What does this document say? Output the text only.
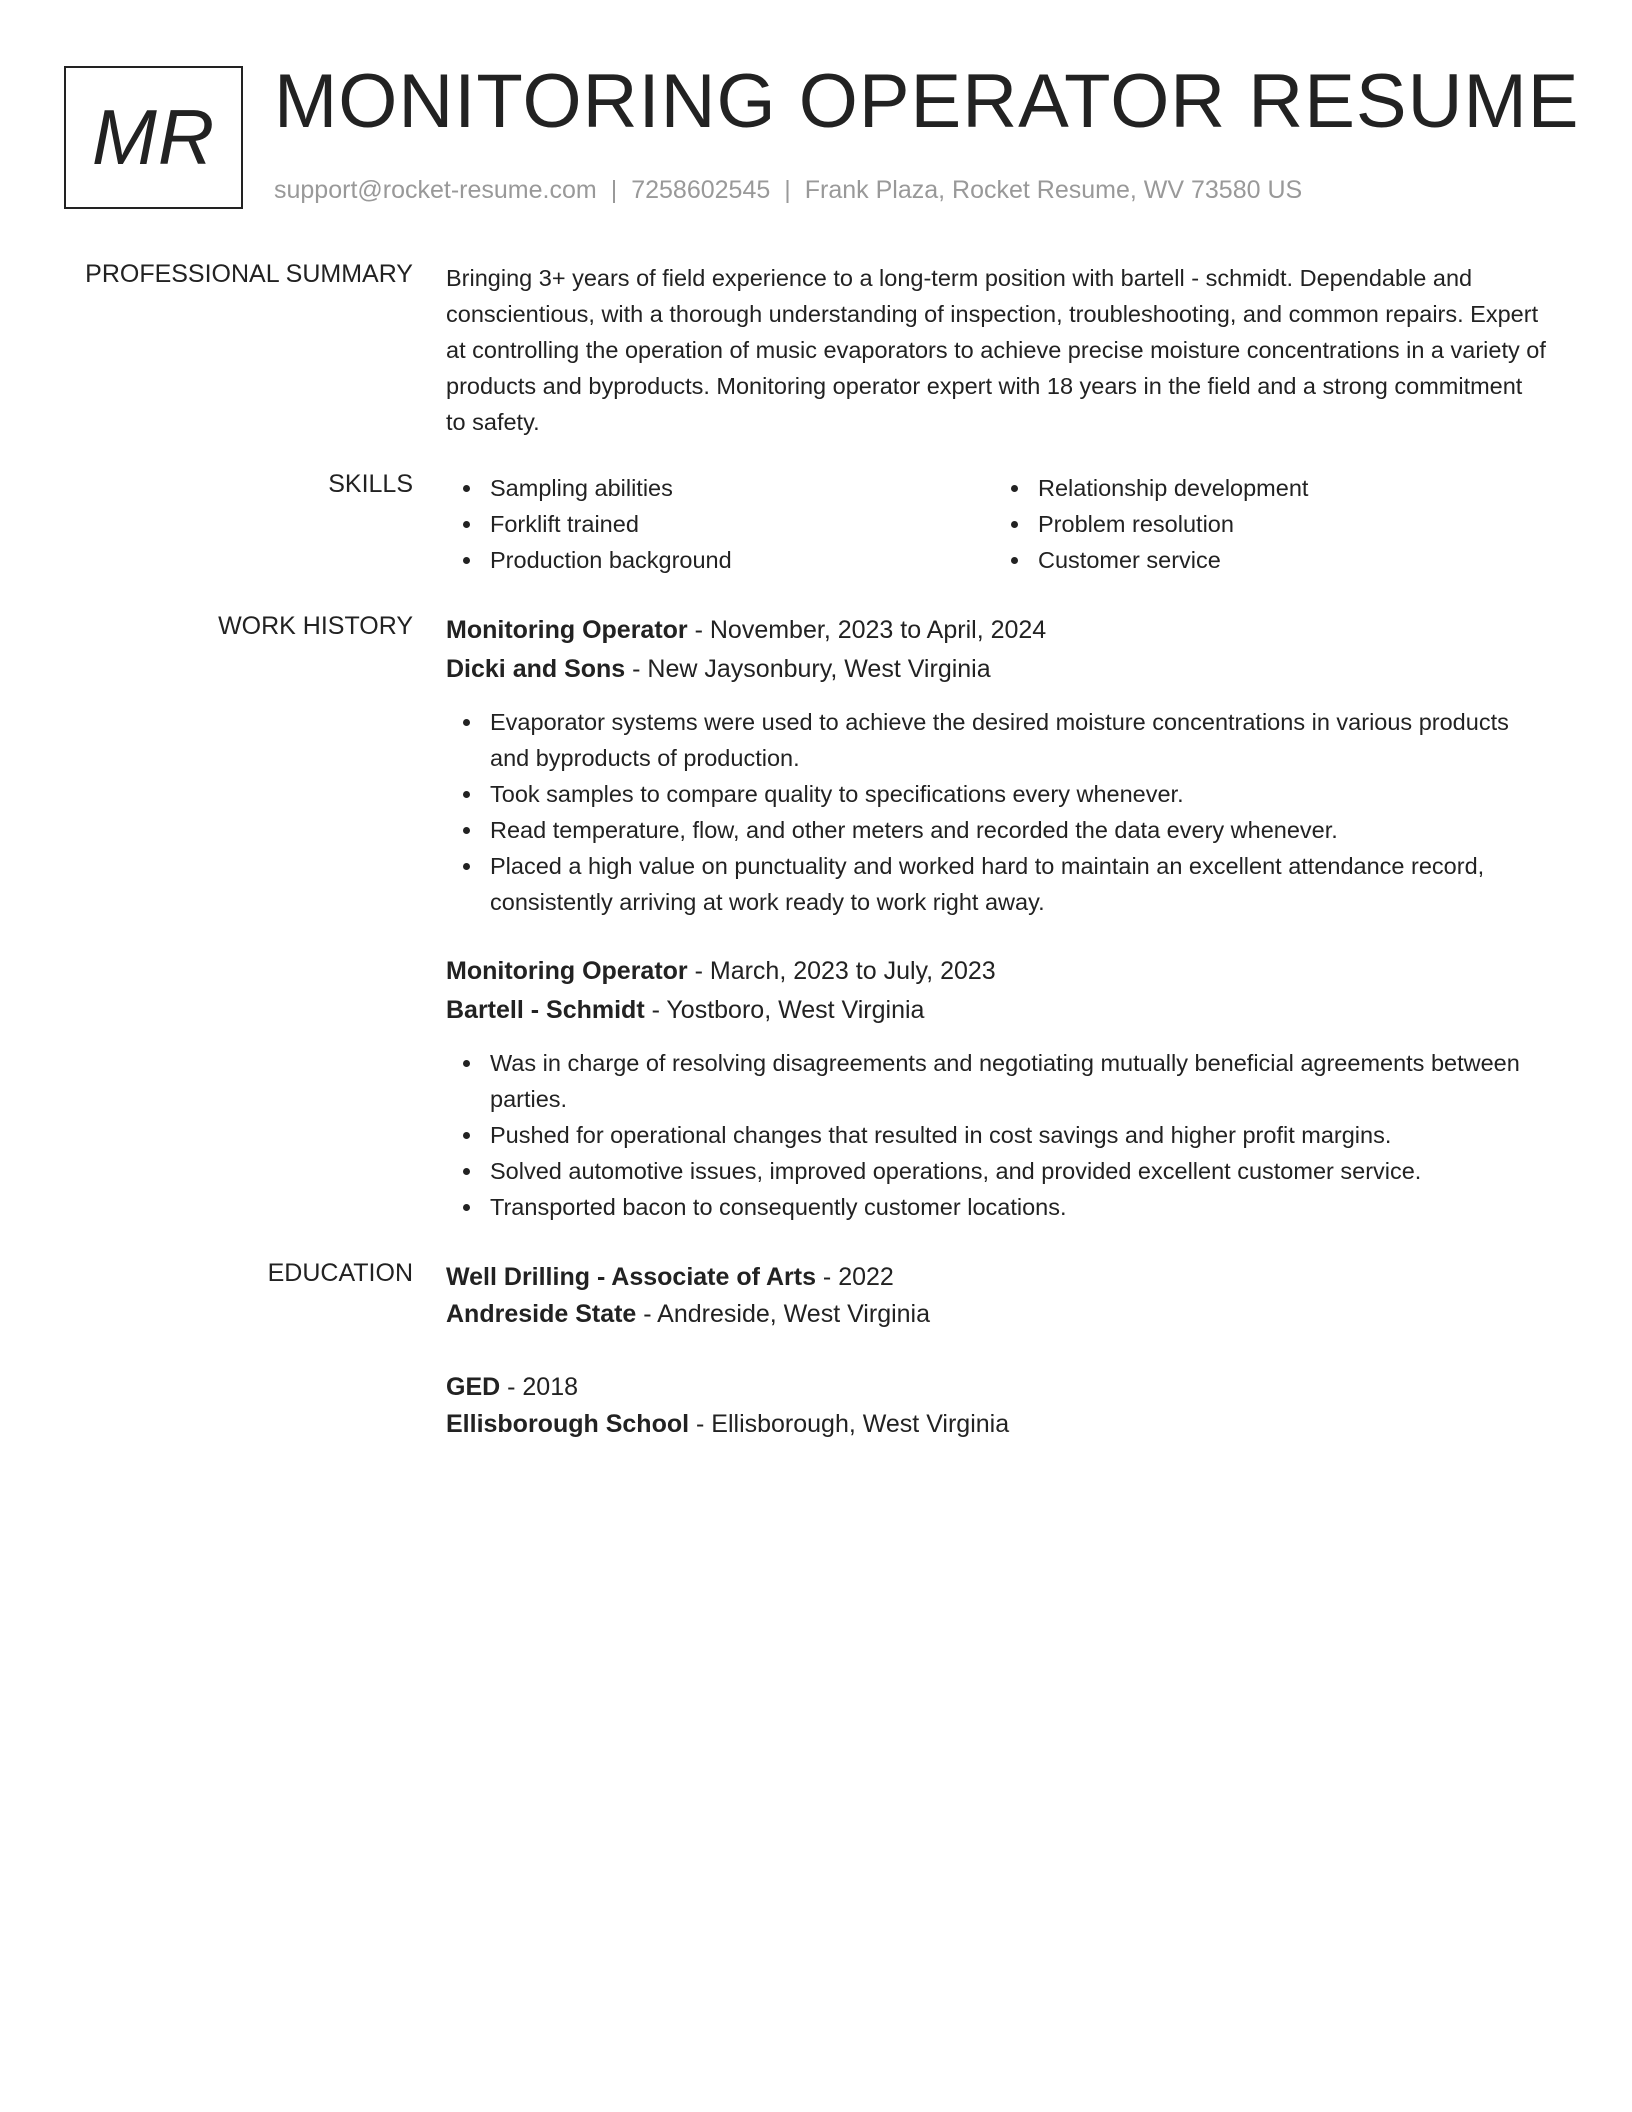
MR MONITORING OPERATOR RESUME
support@rocket-resume.com | 7258602545 | Frank Plaza, Rocket Resume, WV 73580 US
PROFESSIONAL SUMMARY Bringing 3+ years of field experience to a long-term position with bartell - schmidt. Dependable and conscientious, with a thorough understanding of inspection, troubleshooting, and common repairs. Expert at controlling the operation of music evaporators to achieve precise moisture concentrations in a variety of products and byproducts. Monitoring operator expert with 18 years in the field and a strong commitment to safety.
SKILLS	Sampling abilities
Forklift trained
Production background
Relationship development
Problem resolution
Customer service
WORK HISTORY Monitoring Operator - November, 2023 to April, 2024
Dicki and Sons - New Jaysonbury, West Virginia
Evaporator systems were used to achieve the desired moisture concentrations in various products and byproducts of production.
Took samples to compare quality to specifications every whenever.
Read temperature, flow, and other meters and recorded the data every whenever.
Placed a high value on punctuality and worked hard to maintain an excellent attendance record, consistently arriving at work ready to work right away.
Monitoring Operator - March, 2023 to July, 2023
Bartell - Schmidt - Yostboro, West Virginia
Was in charge of resolving disagreements and negotiating mutually beneficial agreements between parties.
Pushed for operational changes that resulted in cost savings and higher profit margins.
Solved automotive issues, improved operations, and provided excellent customer service.
Transported bacon to consequently customer locations.
EDUCATION Well Drilling - Associate of Arts - 2022
Andreside State - Andreside, West Virginia
GED - 2018
Ellisborough School - Ellisborough, West Virginia
